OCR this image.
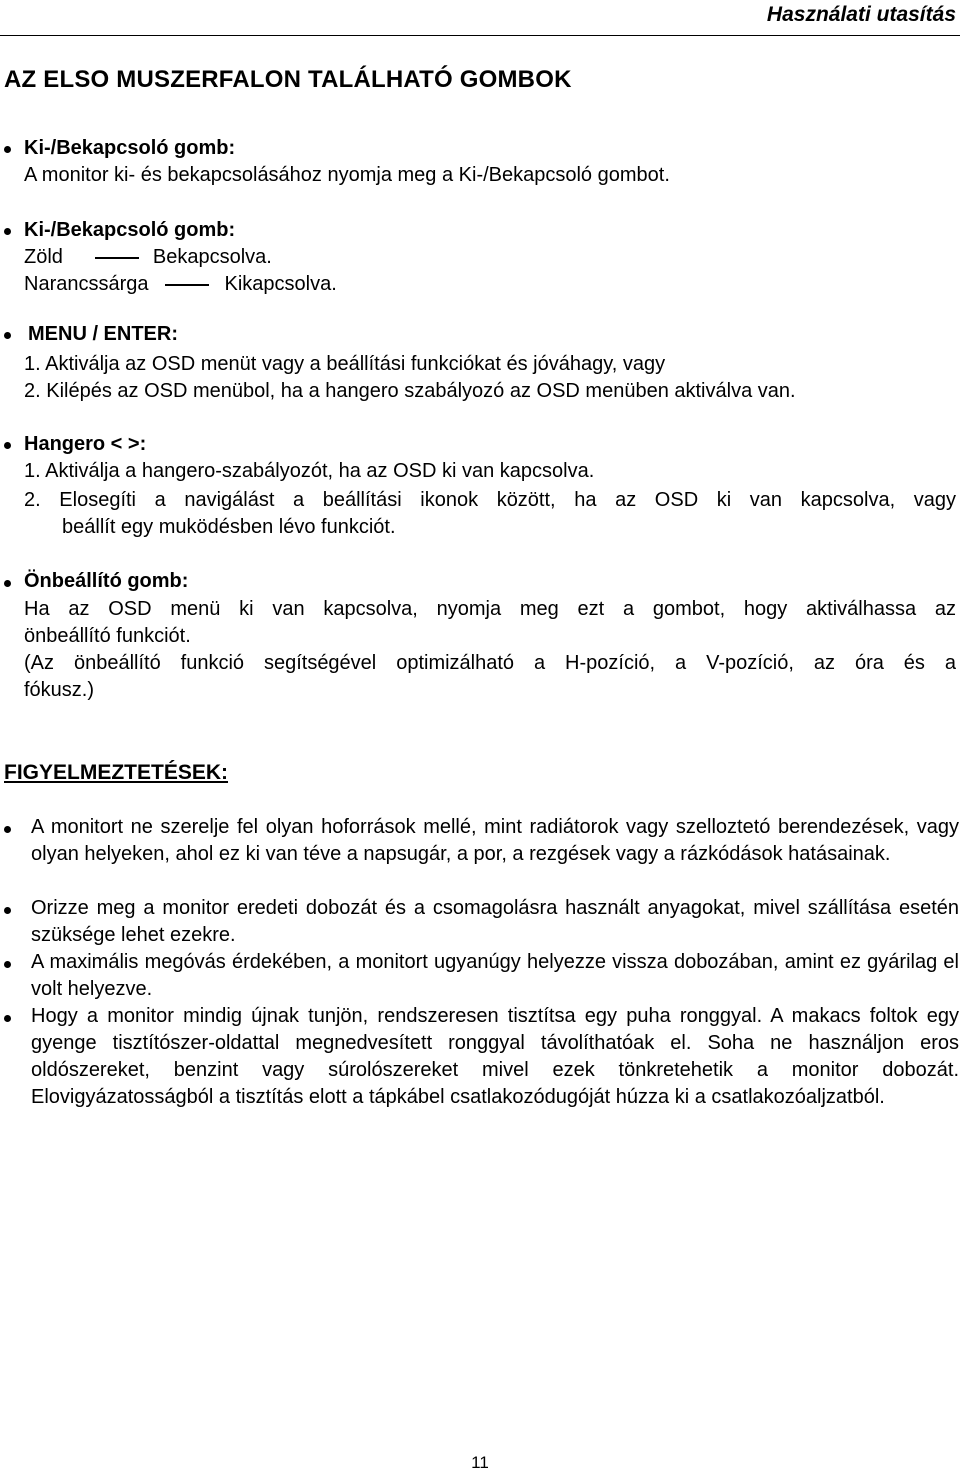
Használati utasítás
AZ ELSO MUSZERFALON TALÁLHATÓ GOMBOK
Ki-/Bekapcsoló gomb:
A monitor ki- és bekapcsolásához nyomja meg a Ki-/Bekapcsoló gombot.
Ki-/Bekapcsoló gomb:
Zöld	Bekapcsolva.
Narancssárga	Kikapcsolva.
MENU / ENTER:
1. Aktiválja az OSD menüt vagy a beállítási funkciókat és jóváhagy, vagy
2. Kilépés az OSD menübol, ha a hangero szabályozó az OSD menüben aktiválva van.
Hangero < >:
1. Aktiválja a hangero-szabályozót, ha az OSD ki van kapcsolva.
2. Elosegíti a navigálást a beállítási ikonok között, ha az OSD ki van kapcsolva, vagy
beállít egy muködésben lévo funkciót.
Önbeállító gomb:
Ha az OSD menü ki van kapcsolva, nyomja meg ezt a gombot, hogy aktiválhassa az
önbeállító funkciót.
(Az önbeállító funkció segítségével optimizálható a H-pozíció, a V-pozíció, az óra és a
fókusz.)
FIGYELMEZTETÉSEK:
A monitort ne szerelje fel olyan hoforrások mellé, mint radiátorok vagy szelloztetó berendezések, vagy olyan helyeken, ahol ez ki van téve a napsugár, a por, a rezgések vagy a rázkódások hatásainak.
Orizze meg a monitor eredeti dobozát és a csomagolásra használt anyagokat, mivel szállítása esetén szüksége lehet ezekre.
A maximális megóvás érdekében, a monitort ugyanúgy helyezze vissza dobozában, amint ez gyárilag el volt helyezve.
Hogy a monitor mindig újnak tunjön, rendszeresen tisztítsa egy puha ronggyal. A makacs foltok egy gyenge tisztítószer-oldattal megnedvesített ronggyal távolíthatóak el. Soha ne használjon eros oldószereket, benzint vagy súrolószereket mivel ezek tönkretehetik a monitor dobozát. Elovigyázatosságból a tisztítás elott a tápkábel csatlakozódugóját húzza ki a csatlakozóaljzatból.
11
